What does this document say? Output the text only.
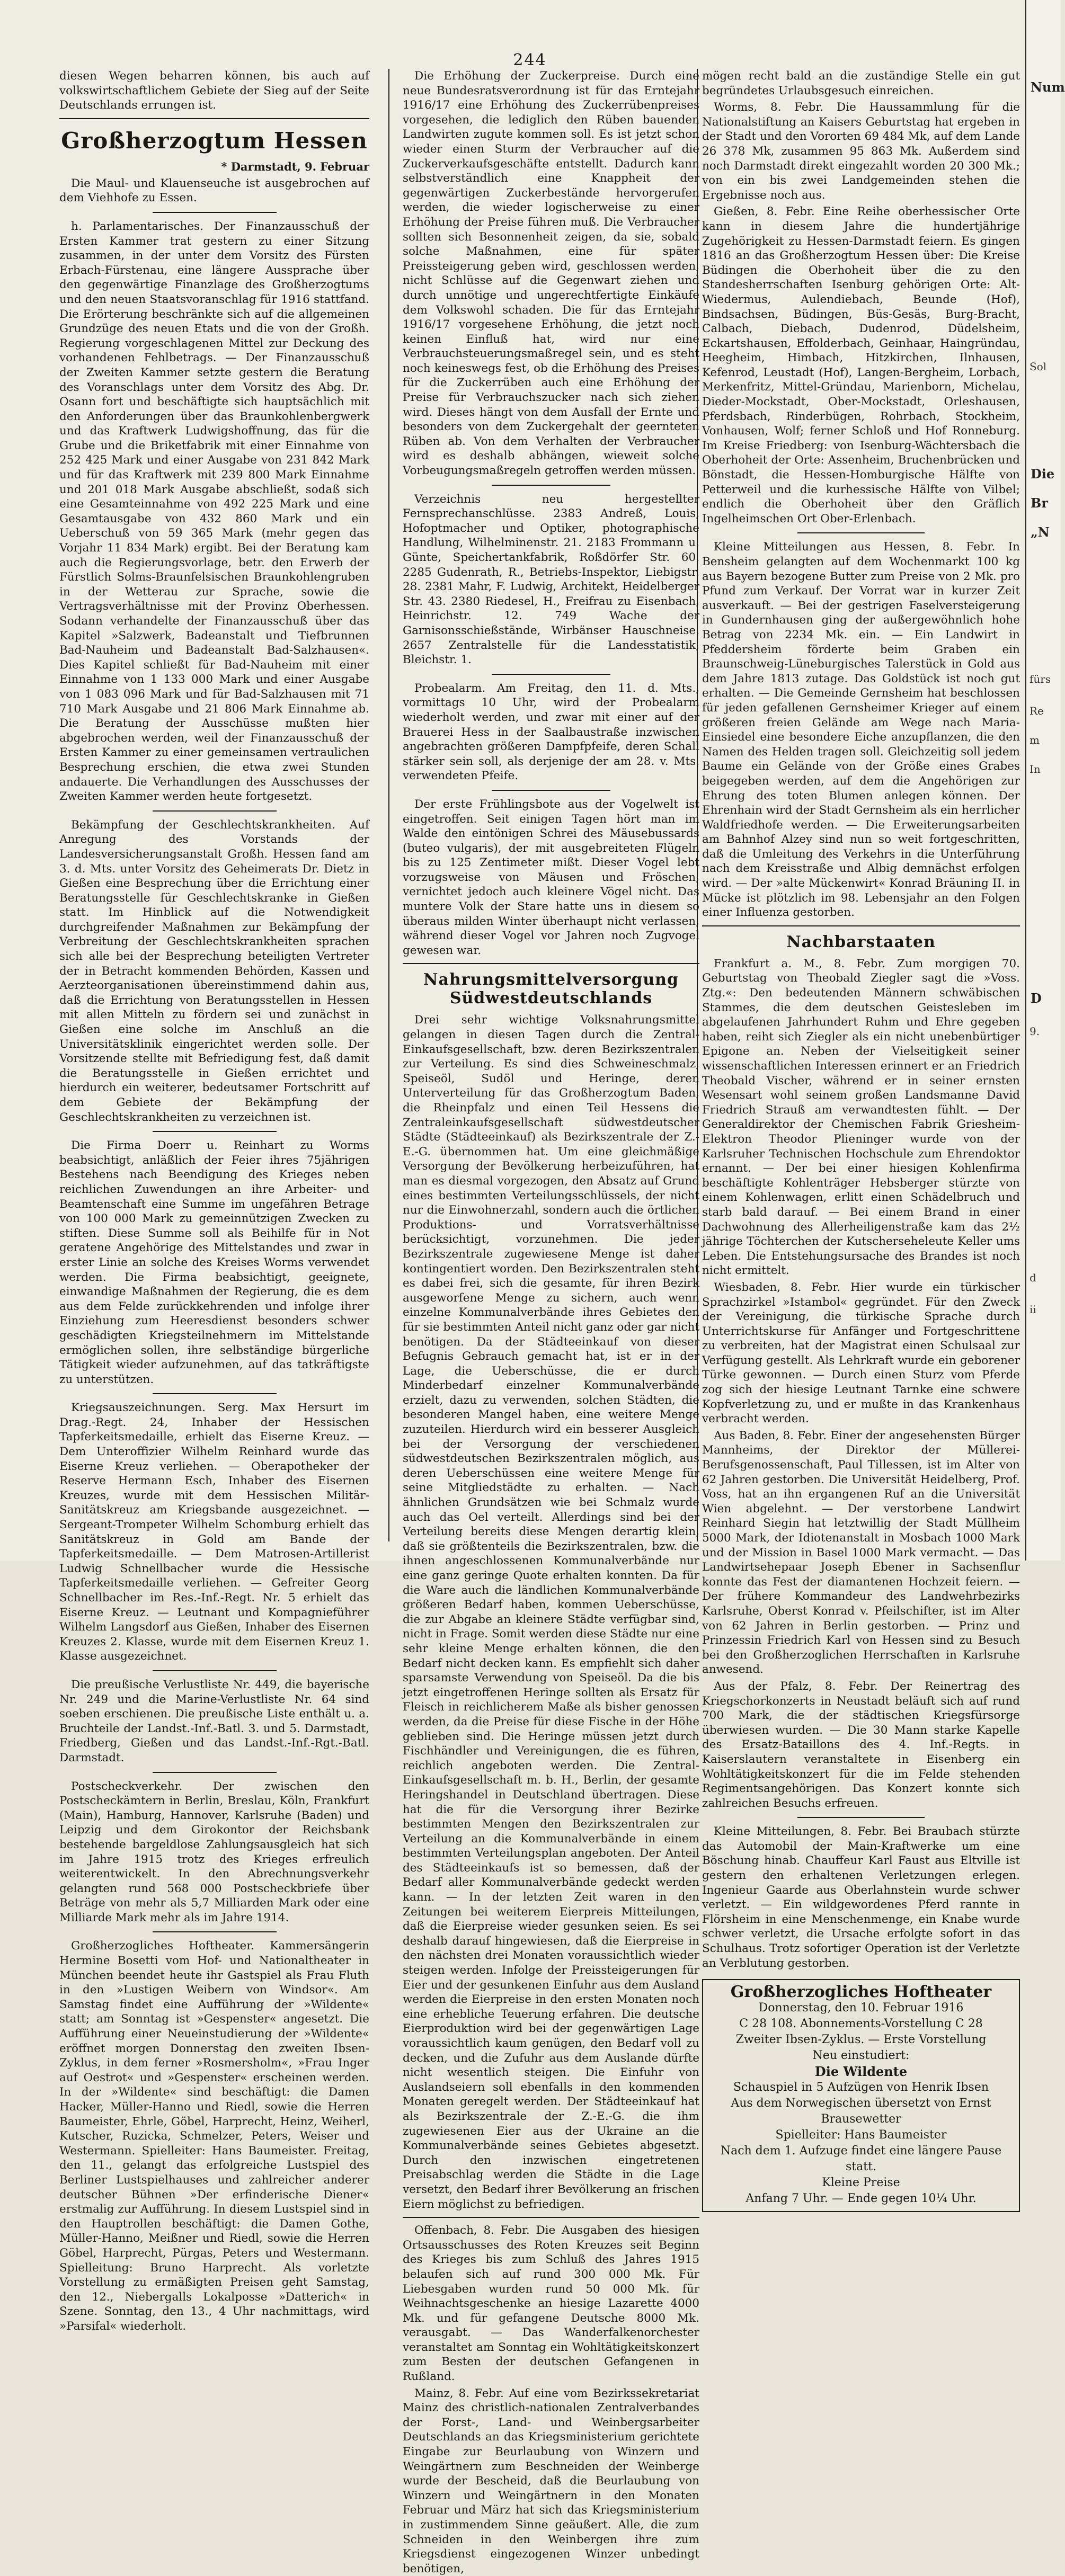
244

diesen Wegen beharren können, bis auch auf volkswirtschaftlichem Gebiete der Sieg auf der Seite Deutschlands errungen ist.

Großherzogtum Hessen
* Darmstadt, 9. Februar

Die Maul- und Klauenseuche ist ausgebrochen auf dem Viehhofe zu Essen.

h. Parlamentarisches. Der Finanzausschuß der Ersten Kammer trat gestern zu einer Sitzung zusammen, in der unter dem Vorsitz des Fürsten Erbach-Fürstenau, eine längere Aussprache über den gegenwärtige Finanzlage des Großherzogtums und den neuen Staatsvoranschlag für 1916 stattfand. Die Erörterung beschränkte sich auf die allgemeinen Grundzüge des neuen Etats und die von der Großh. Regierung vorgeschlagenen Mittel zur Deckung des vorhandenen Fehlbetrags. — Der Finanzausschuß der Zweiten Kammer setzte gestern die Beratung des Voranschlags unter dem Vorsitz des Abg. Dr. Osann fort und beschäftigte sich hauptsächlich mit den Anforderungen über das Braunkohlenbergwerk und das Kraftwerk Ludwigshoffnung, das für die Grube und die Briketfabrik mit einer Einnahme von 252 425 Mark und einer Ausgabe von 231 842 Mark und für das Kraftwerk mit 239 800 Mark Einnahme und 201 018 Mark Ausgabe abschließt, sodaß sich eine Gesamteinnahme von 492 225 Mark und eine Gesamtausgabe von 432 860 Mark und ein Ueberschuß von 59 365 Mark (mehr gegen das Vorjahr 11 834 Mark) ergibt. Bei der Beratung kam auch die Regierungsvorlage, betr. den Erwerb der Fürstlich Solms-Braunfelsischen Braunkohlengruben in der Wetterau zur Sprache, sowie die Vertragsverhältnisse mit der Provinz Oberhessen. Sodann verhandelte der Finanzausschuß über das Kapitel »Salzwerk, Badeanstalt und Tiefbrunnen Bad-Nauheim und Badeanstalt Bad-Salzhausen«. Dies Kapitel schließt für Bad-Nauheim mit einer Einnahme von 1 133 000 Mark und einer Ausgabe von 1 083 096 Mark und für Bad-Salzhausen mit 71 710 Mark Ausgabe und 21 806 Mark Einnahme ab. Die Beratung der Ausschüsse mußten hier abgebrochen werden, weil der Finanzausschuß der Ersten Kammer zu einer gemeinsamen vertraulichen Besprechung erschien, die etwa zwei Stunden andauerte. Die Verhandlungen des Ausschusses der Zweiten Kammer werden heute fortgesetzt.

Bekämpfung der Geschlechtskrankheiten. Auf Anregung des Vorstands der Landesversicherungsanstalt Großh. Hessen fand am 3. d. Mts. unter Vorsitz des Geheimerats Dr. Dietz in Gießen eine Besprechung über die Errichtung einer Beratungsstelle für Geschlechtskranke in Gießen statt. Im Hinblick auf die Notwendigkeit durchgreifender Maßnahmen zur Bekämpfung der Verbreitung der Geschlechtskrankheiten sprachen sich alle bei der Besprechung beteiligten Vertreter der in Betracht kommenden Behörden, Kassen und Aerzteorganisationen übereinstimmend dahin aus, daß die Errichtung von Beratungsstellen in Hessen mit allen Mitteln zu fördern sei und zunächst in Gießen eine solche im Anschluß an die Universitätsklinik eingerichtet werden solle. Der Vorsitzende stellte mit Befriedigung fest, daß damit die Beratungsstelle in Gießen errichtet und hierdurch ein weiterer, bedeutsamer Fortschritt auf dem Gebiete der Bekämpfung der Geschlechtskrankheiten zu verzeichnen ist.

Die Firma Doerr u. Reinhart zu Worms beabsichtigt, anläßlich der Feier ihres 75jährigen Bestehens nach Beendigung des Krieges neben reichlichen Zuwendungen an ihre Arbeiter- und Beamtenschaft eine Summe im ungefähren Betrage von 100 000 Mark zu gemeinnützigen Zwecken zu stiften. Diese Summe soll als Beihilfe für in Not geratene Angehörige des Mittelstandes und zwar in erster Linie an solche des Kreises Worms verwendet werden. Die Firma beabsichtigt, geeignete, einwandige Maßnahmen der Regierung, die es dem aus dem Felde zurückkehrenden und infolge ihrer Einziehung zum Heeresdienst besonders schwer geschädigten Kriegsteilnehmern im Mittelstande ermöglichen sollen, ihre selbständige bürgerliche Tätigkeit wieder aufzunehmen, auf das tatkräftigste zu unterstützen.

Kriegsauszeichnungen. Serg. Max Hersurt im Drag.-Regt. 24, Inhaber der Hessischen Tapferkeitsmedaille, erhielt das Eiserne Kreuz. — Dem Unteroffizier Wilhelm Reinhard wurde das Eiserne Kreuz verliehen. — Oberapotheker der Reserve Hermann Esch, Inhaber des Eisernen Kreuzes, wurde mit dem Hessischen Militär-Sanitätskreuz am Kriegsbande ausgezeichnet. — Sergeant-Trompeter Wilhelm Schomburg erhielt das Sanitätskreuz in Gold am Bande der Tapferkeitsmedaille. — Dem Matrosen-Artillerist Ludwig Schnellbacher wurde die Hessische Tapferkeitsmedaille verliehen. — Gefreiter Georg Schnellbacher im Res.-Inf.-Regt. Nr. 5 erhielt das Eiserne Kreuz. — Leutnant und Kompagnieführer Wilhelm Langsdorf aus Gießen, Inhaber des Eisernen Kreuzes 2. Klasse, wurde mit dem Eisernen Kreuz 1. Klasse ausgezeichnet.

Die preußische Verlustliste Nr. 449, die bayerische Nr. 249 und die Marine-Verlustliste Nr. 64 sind soeben erschienen. Die preußische Liste enthält u. a. Bruchteile der Landst.-Inf.-Batl. 3. und 5. Darmstadt, Friedberg, Gießen und das Landst.-Inf.-Rgt.-Batl. Darmstadt.

Postscheckverkehr. Der zwischen den Postscheckämtern in Berlin, Breslau, Köln, Frankfurt (Main), Hamburg, Hannover, Karlsruhe (Baden) und Leipzig und dem Girokontor der Reichsbank bestehende bargeldlose Zahlungsausgleich hat sich im Jahre 1915 trotz des Krieges erfreulich weiterentwickelt. In den Abrechnungsverkehr gelangten rund 568 000 Postscheckbriefe über Beträge von mehr als 5,7 Milliarden Mark oder eine Milliarde Mark mehr als im Jahre 1914.

Großherzogliches Hoftheater. Kammersängerin Hermine Bosetti vom Hof- und Nationaltheater in München beendet heute ihr Gastspiel als Frau Fluth in den »Lustigen Weibern von Windsor«. Am Samstag findet eine Aufführung der »Wildente« statt; am Sonntag ist »Gespenster« angesetzt. Die Aufführung einer Neueinstudierung der »Wildente« eröffnet morgen Donnerstag den zweiten Ibsen-Zyklus, in dem ferner »Rosmersholm«, »Frau Inger auf Oestrot« und »Gespenster« erscheinen werden. In der »Wildente« sind beschäftigt: die Damen Hacker, Müller-Hanno und Riedl, sowie die Herren Baumeister, Ehrle, Göbel, Harprecht, Heinz, Weiherl, Kutscher, Ruzicka, Schmelzer, Peters, Weiser und Westermann. Spielleiter: Hans Baumeister. Freitag, den 11., gelangt das erfolgreiche Lustspiel des Berliner Lustspielhauses und zahlreicher anderer deutscher Bühnen »Der erfinderische Diener« erstmalig zur Aufführung. In diesem Lustspiel sind in den Hauptrollen beschäftigt: die Damen Gothe, Müller-Hanno, Meißner und Riedl, sowie die Herren Göbel, Harprecht, Pürgas, Peters und Westermann. Spielleitung: Bruno Harprecht. Als vorletzte Vorstellung zu ermäßigten Preisen geht Samstag, den 12., Niebergalls Lokalposse »Datterich« in Szene. Sonntag, den 13., 4 Uhr nachmittags, wird »Parsifal« wiederholt.

Die Erhöhung der Zuckerpreise. Durch eine neue Bundesratsverordnung ist für das Erntejahr 1916/17 eine Erhöhung des Zuckerrübenpreises vorgesehen, die lediglich den Rüben bauenden Landwirten zugute kommen soll. Es ist jetzt schon wieder einen Sturm der Verbraucher auf die Zuckerverkaufsgeschäfte entstellt. Dadurch kann selbstverständlich eine Knappheit der gegenwärtigen Zuckerbestände hervorgerufen werden, die wieder logischerweise zu einer Erhöhung der Preise führen muß. Die Verbraucher sollten sich Besonnenheit zeigen, da sie, sobald solche Maßnahmen, eine für später Preissteigerung geben wird, geschlossen werden, nicht Schlüsse auf die Gegenwart ziehen und durch unnötige und ungerechtfertigte Einkäufe dem Volkswohl schaden. Die für das Erntejahr 1916/17 vorgesehene Erhöhung, die jetzt noch keinen Einfluß hat, wird nur eine Verbrauchsteuerungsmaßregel sein, und es steht noch keineswegs fest, ob die Erhöhung des Preises für die Zuckerrüben auch eine Erhöhung der Preise für Verbrauchszucker nach sich ziehen wird. Dieses hängt von dem Ausfall der Ernte und besonders von dem Zuckergehalt der geernteten Rüben ab. Von dem Verhalten der Verbraucher wird es deshalb abhängen, wieweit solche Vorbeugungsmaßregeln getroffen werden müssen.

Verzeichnis neu hergestellter Fernsprechanschlüsse. 2383 Andreß, Louis, Hofoptmacher und Optiker, photographische Handlung, Wilhelminenstr. 21. 2183 Frommann u. Günte, Speichertankfabrik, Roßdörfer Str. 60. 2285 Gudenrath, R., Betriebs-Inspektor, Liebigstr. 28. 2381 Mahr, F. Ludwig, Architekt, Heidelberger Str. 43. 2380 Riedesel, H., Freifrau zu Eisenbach, Heinrichstr. 12. 749 Wache der Garnisonsschießstände, Wirbänser Hauschneise. 2657 Zentralstelle für die Landesstatistik, Bleichstr. 1.

Probealarm. Am Freitag, den 11. d. Mts., vormittags 10 Uhr, wird der Probealarm wiederholt werden, und zwar mit einer auf der Brauerei Hess in der Saalbaustraße inzwischen angebrachten größeren Dampfpfeife, deren Schall stärker sein soll, als derjenige der am 28. v. Mts. verwendeten Pfeife.

Der erste Frühlingsbote aus der Vogelwelt ist eingetroffen. Seit einigen Tagen hört man im Walde den eintönigen Schrei des Mäusebussards (buteo vulgaris), der mit ausgebreiteten Flügeln bis zu 125 Zentimeter mißt. Dieser Vogel lebt vorzugsweise von Mäusen und Fröschen, vernichtet jedoch auch kleinere Vögel nicht. Das muntere Volk der Stare hatte uns in diesem so überaus milden Winter überhaupt nicht verlassen, während dieser Vogel vor Jahren noch Zugvogel gewesen war.

Nahrungsmittelversorgung Südwestdeutschlands

Drei sehr wichtige Volksnahrungsmittel gelangen in diesen Tagen durch die Zentral-Einkaufsgesellschaft, bzw. deren Bezirkszentralen zur Verteilung. Es sind dies Schweineschmalz, Speiseöl, Sudöl und Heringe, deren Unterverteilung für das Großherzogtum Baden, die Rheinpfalz und einen Teil Hessens die Zentraleinkaufsgesellschaft südwestdeutscher Städte (Städteeinkauf) als Bezirkszentrale der Z.-E.-G. übernommen hat. Um eine gleichmäßige Versorgung der Bevölkerung herbeizuführen, hat man es diesmal vorgezogen, den Absatz auf Grund eines bestimmten Verteilungsschlüssels, der nicht nur die Einwohnerzahl, sondern auch die örtlichen Produktions- und Vorratsverhältnisse berücksichtigt, vorzunehmen. Die jeder Bezirkszentrale zugewiesene Menge ist daher kontingentiert worden. Den Bezirkszentralen steht es dabei frei, sich die gesamte, für ihren Bezirk ausgeworfene Menge zu sichern, auch wenn einzelne Kommunalverbände ihres Gebietes den für sie bestimmten Anteil nicht ganz oder gar nicht benötigen. Da der Städteeinkauf von dieser Befugnis Gebrauch gemacht hat, ist er in der Lage, die Ueberschüsse, die er durch Minderbedarf einzelner Kommunalverbände erzielt, dazu zu verwenden, solchen Städten, die besonderen Mangel haben, eine weitere Menge zuzuteilen. Hierdurch wird ein besserer Ausgleich bei der Versorgung der verschiedenen südwestdeutschen Bezirkszentralen möglich, aus deren Ueberschüssen eine weitere Menge für seine Mitgliedstädte zu erhalten. — Nach ähnlichen Grundsätzen wie bei Schmalz wurde auch das Oel verteilt. Allerdings sind bei der Verteilung bereits diese Mengen derartig klein, daß sie größtenteils die Bezirkszentralen, bzw. die ihnen angeschlossenen Kommunalverbände nur eine ganz geringe Quote erhalten konnten. Da für die Ware auch die ländlichen Kommunalverbände größeren Bedarf haben, kommen Ueberschüsse, die zur Abgabe an kleinere Städte verfügbar sind, nicht in Frage. Somit werden diese Städte nur eine sehr kleine Menge erhalten können, die den Bedarf nicht decken kann. Es empfiehlt sich daher sparsamste Verwendung von Speiseöl. Da die bis jetzt eingetroffenen Heringe sollten als Ersatz für Fleisch in reichlicherem Maße als bisher genossen werden, da die Preise für diese Fische in der Höhe geblieben sind. Die Heringe müssen jetzt durch Fischhändler und Vereinigungen, die es führen, reichlich angeboten werden. Die Zentral-Einkaufsgesellschaft m. b. H., Berlin, der gesamte Heringshandel in Deutschland übertragen. Diese hat die für die Versorgung ihrer Bezirke bestimmten Mengen den Bezirkszentralen zur Verteilung an die Kommunalverbände in einem bestimmten Verteilungsplan angeboten. Der Anteil des Städteeinkaufs ist so bemessen, daß der Bedarf aller Kommunalverbände gedeckt werden kann. — In der letzten Zeit waren in den Zeitungen bei weiterem Eierpreis Mitteilungen, daß die Eierpreise wieder gesunken seien. Es sei deshalb darauf hingewiesen, daß die Eierpreise in den nächsten drei Monaten voraussichtlich wieder steigen werden. Infolge der Preissteigerungen für Eier und der gesunkenen Einfuhr aus dem Ausland werden die Eierpreise in den ersten Monaten noch eine erhebliche Teuerung erfahren. Die deutsche Eierproduktion wird bei der gegenwärtigen Lage voraussichtlich kaum genügen, den Bedarf voll zu decken, und die Zufuhr aus dem Auslande dürfte nicht wesentlich steigen. Die Einfuhr von Auslandseiern soll ebenfalls in den kommenden Monaten geregelt werden. Der Städteeinkauf hat als Bezirkszentrale der Z.-E.-G. die ihm zugewiesenen Eier aus der Ukraine an die Kommunalverbände seines Gebietes abgesetzt. Durch den inzwischen eingetretenen Preisabschlag werden die Städte in die Lage versetzt, den Bedarf ihrer Bevölkerung an frischen Eiern möglichst zu befriedigen.

Offenbach, 8. Febr. Die Ausgaben des hiesigen Ortsausschusses des Roten Kreuzes seit Beginn des Krieges bis zum Schluß des Jahres 1915 belaufen sich auf rund 300 000 Mk. Für Liebesgaben wurden rund 50 000 Mk. für Weihnachtsgeschenke an hiesige Lazarette 4000 Mk. und für gefangene Deutsche 8000 Mk. verausgabt. — Das Wanderfalkenorchester veranstaltet am Sonntag ein Wohltätigkeitskonzert zum Besten der deutschen Gefangenen in Rußland.

Mainz, 8. Febr. Auf eine vom Bezirkssekretariat Mainz des christlich-nationalen Zentralverbandes der Forst-, Land- und Weinbergsarbeiter Deutschlands an das Kriegsministerium gerichtete Eingabe zur Beurlaubung von Winzern und Weingärtnern zum Beschneiden der Weinberge wurde der Bescheid, daß die Beurlaubung von Winzern und Weingärtnern in den Monaten Februar und März hat sich das Kriegsministerium in zustimmendem Sinne geäußert. Alle, die zum Schneiden in den Weinbergen ihre zum Kriegsdienst eingezogenen Winzer unbedingt benötigen,

mögen recht bald an die zuständige Stelle ein gut begründetes Urlaubsgesuch einreichen.

Worms, 8. Febr. Die Haussammlung für die Nationalstiftung an Kaisers Geburtstag hat ergeben in der Stadt und den Vororten 69 484 Mk, auf dem Lande 26 378 Mk, zusammen 95 863 Mk. Außerdem sind noch Darmstadt direkt eingezahlt worden 20 300 Mk.; von ein bis zwei Landgemeinden stehen die Ergebnisse noch aus.

Gießen, 8. Febr. Eine Reihe oberhessischer Orte kann in diesem Jahre die hundertjährige Zugehörigkeit zu Hessen-Darmstadt feiern. Es gingen 1816 an das Großherzogtum Hessen über: Die Kreise Büdingen die Oberhoheit über die zu den Standesherrschaften Isenburg gehörigen Orte: Alt-Wiedermus, Aulendiebach, Beunde (Hof), Bindsachsen, Büdingen, Büs-Gesäs, Burg-Bracht, Calbach, Diebach, Dudenrod, Düdelsheim, Eckartshausen, Effolderbach, Geinhaar, Haingründau, Heegheim, Himbach, Hitzkirchen, Ilnhausen, Kefenrod, Leustadt (Hof), Langen-Bergheim, Lorbach, Merkenfritz, Mittel-Gründau, Marienborn, Michelau, Dieder-Mockstadt, Ober-Mockstadt, Orleshausen, Pferdsbach, Rinderbügen, Rohrbach, Stockheim, Vonhausen, Wolf; ferner Schloß und Hof Ronneburg. Im Kreise Friedberg: von Isenburg-Wächtersbach die Oberhoheit der Orte: Assenheim, Bruchenbrücken und Bönstadt, die Hessen-Homburgische Hälfte von Petterweil und die kurhessische Hälfte von Vilbel; endlich die Oberhoheit über den Gräflich Ingelheimschen Ort Ober-Erlenbach.

Kleine Mitteilungen aus Hessen, 8. Febr. In Bensheim gelangten auf dem Wochenmarkt 100 kg aus Bayern bezogene Butter zum Preise von 2 Mk. pro Pfund zum Verkauf. Der Vorrat war in kurzer Zeit ausverkauft. — Bei der gestrigen Faselversteigerung in Gundernhausen ging der außergewöhnlich hohe Betrag von 2234 Mk. ein. — Ein Landwirt in Pfeddersheim förderte beim Graben ein Braunschweig-Lüneburgisches Talerstück in Gold aus dem Jahre 1813 zutage. Das Goldstück ist noch gut erhalten. — Die Gemeinde Gernsheim hat beschlossen für jeden gefallenen Gernsheimer Krieger auf einem größeren freien Gelände am Wege nach Maria-Einsiedel eine besondere Eiche anzupflanzen, die den Namen des Helden tragen soll. Gleichzeitig soll jedem Baume ein Gelände von der Größe eines Grabes beigegeben werden, auf dem die Angehörigen zur Ehrung des toten Blumen anlegen können. Der Ehrenhain wird der Stadt Gernsheim als ein herrlicher Waldfriedhofe werden. — Die Erweiterungsarbeiten am Bahnhof Alzey sind nun so weit fortgeschritten, daß die Umleitung des Verkehrs in die Unterführung nach dem Kreisstraße und Albig demnächst erfolgen wird. — Der »alte Mückenwirt« Konrad Bräuning II. in Mücke ist plötzlich im 98. Lebensjahr an den Folgen einer Influenza gestorben.

Nachbarstaaten

Frankfurt a. M., 8. Febr. Zum morgigen 70. Geburtstag von Theobald Ziegler sagt die »Voss. Ztg.«: Den bedeutenden Männern schwäbischen Stammes, die dem deutschen Geistesleben im abgelaufenen Jahrhundert Ruhm und Ehre gegeben haben, reiht sich Ziegler als ein nicht unebenbürtiger Epigone an. Neben der Vielseitigkeit seiner wissenschaftlichen Interessen erinnert er an Friedrich Theobald Vischer, während er in seiner ernsten Wesensart wohl seinem großen Landsmanne David Friedrich Strauß am verwandtesten fühlt. — Der Generaldirektor der Chemischen Fabrik Griesheim-Elektron Theodor Plieninger wurde von der Karlsruher Technischen Hochschule zum Ehrendoktor ernannt. — Der bei einer hiesigen Kohlenfirma beschäftigte Kohlenträger Hebsberger stürzte von einem Kohlenwagen, erlitt einen Schädelbruch und starb bald darauf. — Bei einem Brand in einer Dachwohnung des Allerheiligenstraße kam das 2½ jährige Töchterchen der Kutscherseheleute Keller ums Leben. Die Entstehungsursache des Brandes ist noch nicht ermittelt.

Wiesbaden, 8. Febr. Hier wurde ein türkischer Sprachzirkel »Istambol« gegründet. Für den Zweck der Vereinigung, die türkische Sprache durch Unterrichtskurse für Anfänger und Fortgeschrittene zu verbreiten, hat der Magistrat einen Schulsaal zur Verfügung gestellt. Als Lehrkraft wurde ein geborener Türke gewonnen. — Durch einen Sturz vom Pferde zog sich der hiesige Leutnant Tarnke eine schwere Kopfverletzung zu, und er mußte in das Krankenhaus verbracht werden.

Aus Baden, 8. Febr. Einer der angesehensten Bürger Mannheims, der Direktor der Müllerei-Berufsgenossenschaft, Paul Tillessen, ist im Alter von 62 Jahren gestorben. Die Universität Heidelberg, Prof. Voss, hat an ihn ergangenen Ruf an die Universität Wien abgelehnt. — Der verstorbene Landwirt Reinhard Siegin hat letztwillig der Stadt Müllheim 5000 Mark, der Idiotenanstalt in Mosbach 1000 Mark und der Mission in Basel 1000 Mark vermacht. — Das Landwirtsehepaar Joseph Ebener in Sachsenflur konnte das Fest der diamantenen Hochzeit feiern. — Der frühere Kommandeur des Landwehrbezirks Karlsruhe, Oberst Konrad v. Pfeilschifter, ist im Alter von 62 Jahren in Berlin gestorben. — Prinz und Prinzessin Friedrich Karl von Hessen sind zu Besuch bei den Großherzoglichen Herrschaften in Karlsruhe anwesend.

Aus der Pfalz, 8. Febr. Der Reinertrag des Kriegschorkonzerts in Neustadt beläuft sich auf rund 700 Mark, die der städtischen Kriegsfürsorge überwiesen wurden. — Die 30 Mann starke Kapelle des Ersatz-Bataillons des 4. Inf.-Regts. in Kaiserslautern veranstaltete in Eisenberg ein Wohltätigkeitskonzert für die im Felde stehenden Regimentsangehörigen. Das Konzert konnte sich zahlreichen Besuchs erfreuen.

Kleine Mitteilungen, 8. Febr. Bei Braubach stürzte das Automobil der Main-Kraftwerke um eine Böschung hinab. Chauffeur Karl Faust aus Eltville ist gestern den erhaltenen Verletzungen erlegen. Ingenieur Gaarde aus Oberlahnstein wurde schwer verletzt. — Ein wildgewordenes Pferd rannte in Flörsheim in eine Menschenmenge, ein Knabe wurde schwer verletzt, die Ursache erfolgte sofort in das Schulhaus. Trotz sofortiger Operation ist der Verletzte an Verblutung gestorben.

Großherzogliches Hoftheater
Donnerstag, den 10. Februar 1916
C 28 108. Abonnements-Vorstellung C 28
Zweiter Ibsen-Zyklus. — Erste Vorstellung
Neu einstudiert:
Die Wildente
Schauspiel in 5 Aufzügen von Henrik Ibsen
Aus dem Norwegischen übersetzt von Ernst Brausewetter
Spielleiter: Hans Baumeister
Nach dem 1. Aufzuge findet eine längere Pause statt.
Kleine Preise
Anfang 7 Uhr. — Ende gegen 10¼ Uhr.
Num
Sol
Die
Br
„N
fürs
Re
m
In
D
9.
d
ii
